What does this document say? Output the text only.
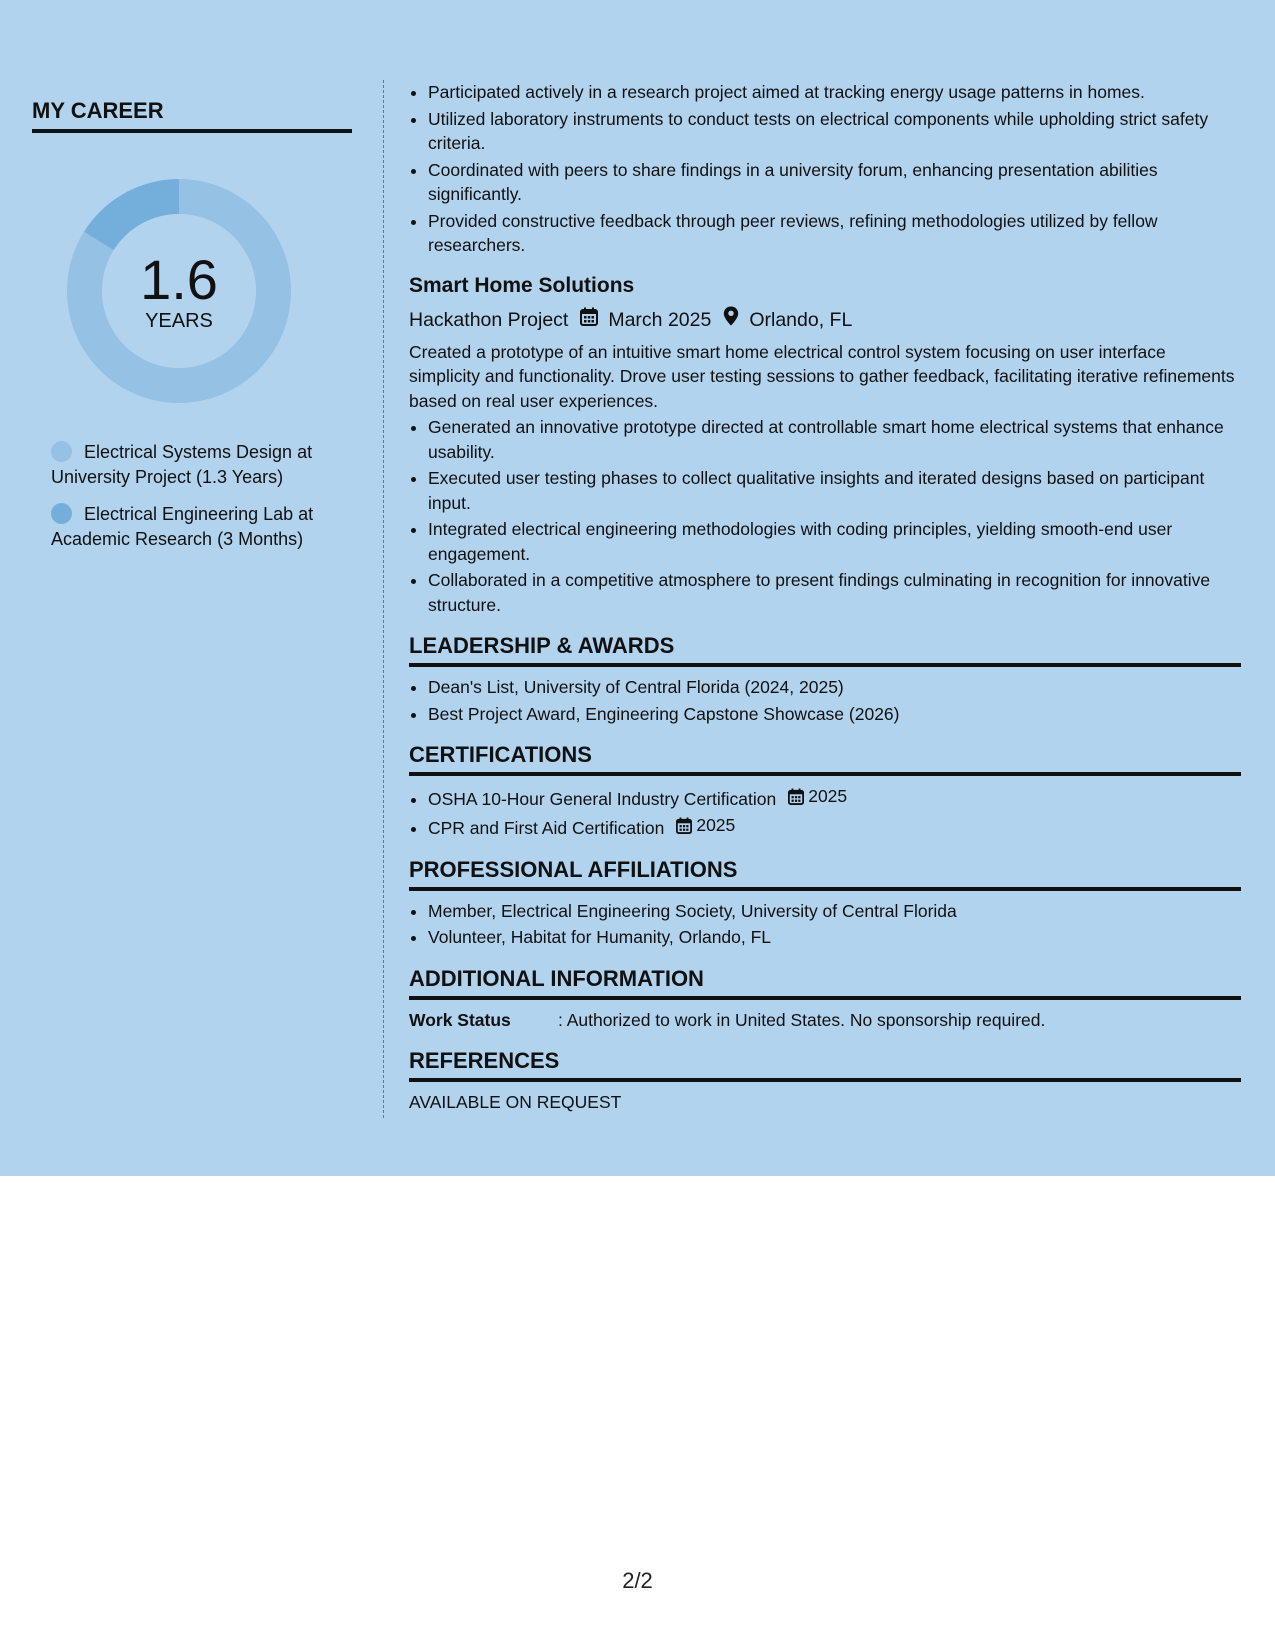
MY CAREER
1.6
YEARS
Electrical Systems Design at University Project (1.3 Years)
Electrical Engineering Lab at Academic Research (3 Months)
• Participated actively in a research project aimed at tracking energy usage patterns in homes.
• Utilized laboratory instruments to conduct tests on electrical components while upholding strict safety criteria.
• Coordinated with peers to share findings in a university forum, enhancing presentation abilities significantly.
• Provided constructive feedback through peer reviews, refining methodologies utilized by fellow researchers.
Smart Home Solutions
Hackathon Project March 2025 Orlando, FL

Created a prototype of an intuitive smart home electrical control system focusing on user interface simplicity and functionality. Drove user testing sessions to gather feedback, facilitating iterative refinements based on real user experiences.

• Generated an innovative prototype directed at controllable smart home electrical systems that enhance usability.
• Executed user testing phases to collect qualitative insights and iterated designs based on participant input.
• Integrated electrical engineering methodologies with coding principles, yielding smooth-end user engagement.
• Collaborated in a competitive atmosphere to present findings culminating in recognition for innovative structure.
LEADERSHIP & AWARDS
• Dean's List, University of Central Florida (2024, 2025)
• Best Project Award, Engineering Capstone Showcase (2026)
CERTIFICATIONS
• OSHA 10-Hour General Industry Certification 2025
• CPR and First Aid Certification 2025
PROFESSIONAL AFFILIATIONS
• Member, Electrical Engineering Society, University of Central Florida
• Volunteer, Habitat for Humanity, Orlando, FL
ADDITIONAL INFORMATION
Work Status	: Authorized to work in United States. No sponsorship required.
REFERENCES
AVAILABLE ON REQUEST
2/2
